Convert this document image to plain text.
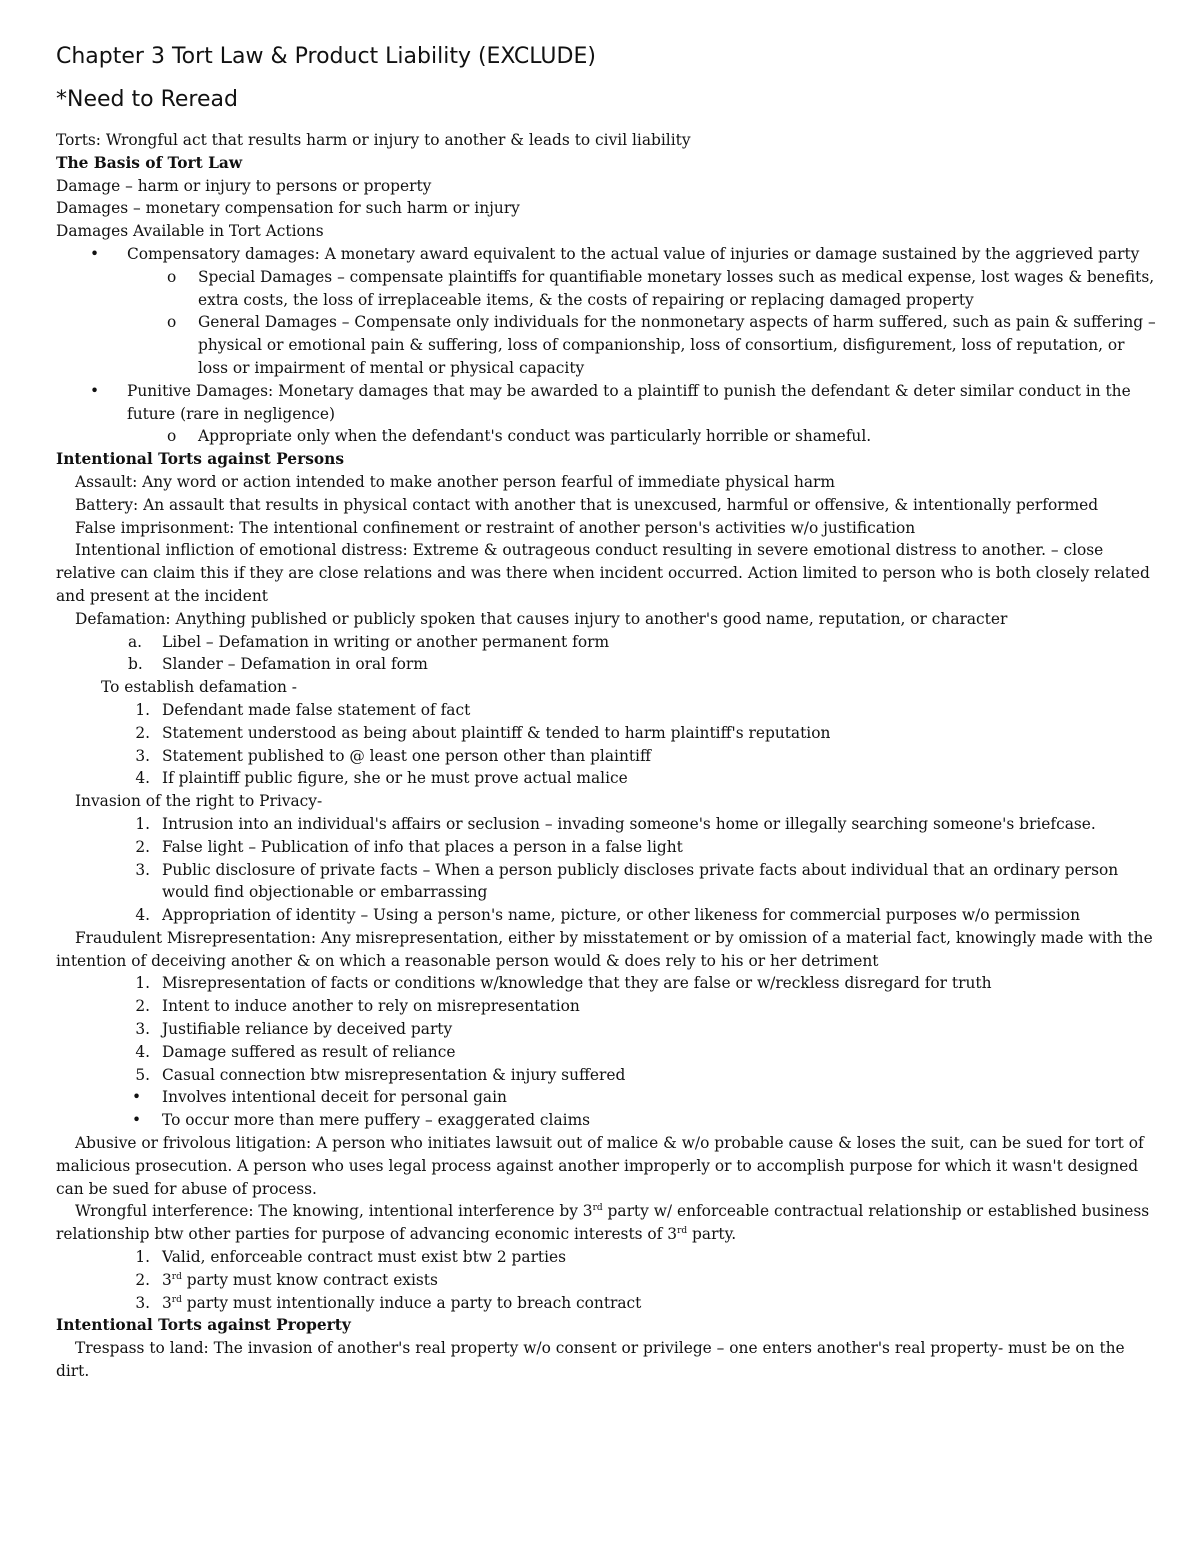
Chapter 3 Tort Law & Product Liability (EXCLUDE)
*Need to Reread

Torts: Wrongful act that results harm or injury to another & leads to civil liability

The Basis of Tort Law

Damage – harm or injury to persons or property

Damages – monetary compensation for such harm or injury

Damages Available in Tort Actions

• Compensatory damages: A monetary award equivalent to the actual value of injuries or damage sustained by the aggrieved party
o Special Damages – compensate plaintiffs for quantifiable monetary losses such as medical expense, lost wages & benefits, extra costs, the loss of irreplaceable items, & the costs of repairing or replacing damaged property
o General Damages – Compensate only individuals for the nonmonetary aspects of harm suffered, such as pain & suffering – physical or emotional pain & suffering, loss of companionship, loss of consortium, disfigurement, loss of reputation, or loss or impairment of mental or physical capacity
• Punitive Damages: Monetary damages that may be awarded to a plaintiff to punish the defendant & deter similar conduct in the future (rare in negligence)
o Appropriate only when the defendant's conduct was particularly horrible or shameful.

Intentional Torts against Persons

Assault: Any word or action intended to make another person fearful of immediate physical harm

Battery: An assault that results in physical contact with another that is unexcused, harmful or offensive, & intentionally performed

False imprisonment: The intentional confinement or restraint of another person's activities w/o justification

Intentional infliction of emotional distress: Extreme & outrageous conduct resulting in severe emotional distress to another. – close relative can claim this if they are close relations and was there when incident occurred. Action limited to person who is both closely related and present at the incident

Defamation: Anything published or publicly spoken that causes injury to another's good name, reputation, or character

a. Libel – Defamation in writing or another permanent form
b. Slander – Defamation in oral form

To establish defamation -

1. Defendant made false statement of fact
2. Statement understood as being about plaintiff & tended to harm plaintiff's reputation
3. Statement published to @ least one person other than plaintiff
4. If plaintiff public figure, she or he must prove actual malice

Invasion of the right to Privacy-

1. Intrusion into an individual's affairs or seclusion – invading someone's home or illegally searching someone's briefcase.
2. False light – Publication of info that places a person in a false light
3. Public disclosure of private facts – When a person publicly discloses private facts about individual that an ordinary person would find objectionable or embarrassing
4. Appropriation of identity – Using a person's name, picture, or other likeness for commercial purposes w/o permission

Fraudulent Misrepresentation: Any misrepresentation, either by misstatement or by omission of a material fact, knowingly made with the intention of deceiving another & on which a reasonable person would & does rely to his or her detriment

1. Misrepresentation of facts or conditions w/knowledge that they are false or w/reckless disregard for truth
2. Intent to induce another to rely on misrepresentation
3. Justifiable reliance by deceived party
4. Damage suffered as result of reliance
5. Casual connection btw misrepresentation & injury suffered
• Involves intentional deceit for personal gain
• To occur more than mere puffery – exaggerated claims

Abusive or frivolous litigation: A person who initiates lawsuit out of malice & w/o probable cause & loses the suit, can be sued for tort of malicious prosecution. A person who uses legal process against another improperly or to accomplish purpose for which it wasn't designed can be sued for abuse of process.

Wrongful interference: The knowing, intentional interference by 3rd party w/ enforceable contractual relationship or established business relationship btw other parties for purpose of advancing economic interests of 3rd party.

1. Valid, enforceable contract must exist btw 2 parties
2. 3rd party must know contract exists
3. 3rd party must intentionally induce a party to breach contract

Intentional Torts against Property

Trespass to land: The invasion of another's real property w/o consent or privilege – one enters another's real property- must be on the dirt.
